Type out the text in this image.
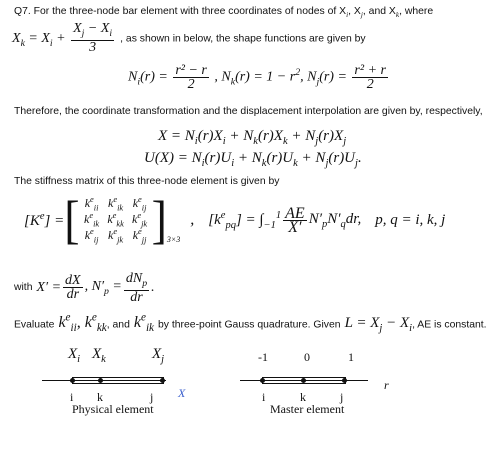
Q7. For the three-node bar element with three coordinates of nodes of $X_i$, $X_j$, and $X_k$, where
$X_k = X_i + \frac{X_j - X_i}{3}$ , as shown in below, the shape functions are given by
$N_i(r) = \frac{\text{r² − r}}{2}$ , $N_k(r) = 1 - r^2$, $N_j(r) = \frac{\text{r² + r}}{2}$
Therefore, the coordinate transformation and the displacement interpolation are given by, respectively,
$X = N_i(r)X_i + N_k(r)X_k + N_j(r)X_j$
$U(X) = N_i(r)U_i + N_k(r)U_k + N_j(r)U_j$.
The stiffness matrix of this three-node element is given by
$[K^e]$ = [ $k^e_{ii}$ $k^e_{ik}$ $k^e_{ij}$
$k^e_{ik}$ $k^e_{kk}$ $k^e_{jk}$
$k^e_{ij}$ $k^e_{jk}$ $k^e_{jj}$ ] 3×3
, $[k^e_{pq}] = \int_{-1}^1 \frac{AE}{X'} N'_pN'_qdr$, p, q = i, k, j
with $X' = \frac{dX}{dr}$ , $N'_p = \frac{dN_p}{dr}$ .
Evaluate $k^e_{ii}$, $k^e_{kk}$, and $k^e_{ik}$ by three-point Gauss quadrature. Given $L = X_j - X_i$, AE is constant.
$X_i$ $X_k$	$X_j$
i k	j X
Physical element
-1	0	1
i	k	j
r
Master element
